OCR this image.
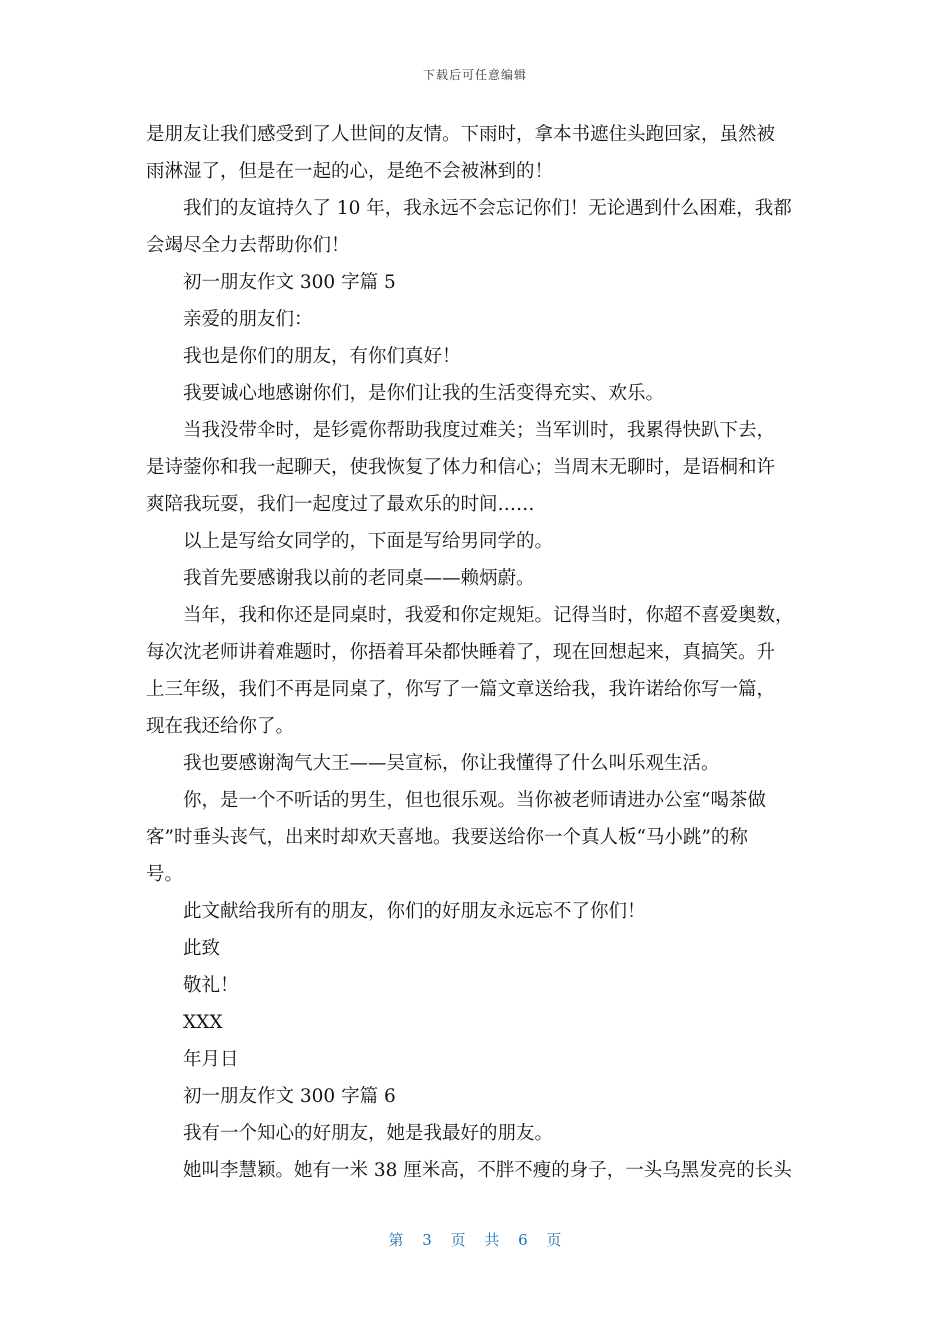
下载后可任意编辑
是朋友让我们感受到了人世间的友情。下雨时，拿本书遮住头跑回家，虽然被
雨淋湿了，但是在一起的心，是绝不会被淋到的！
我们的友谊持久了 10 年，我永远不会忘记你们！无论遇到什么困难，我都
会竭尽全力去帮助你们！
初一朋友作文 300 字篇 5
亲爱的朋友们：
我也是你们的朋友，有你们真好！
我要诚心地感谢你们，是你们让我的生活变得充实、欢乐。
当我没带伞时，是钐霓你帮助我度过难关；当军训时，我累得快趴下去，
是诗蓥你和我一起聊天，使我恢复了体力和信心；当周末无聊时，是语桐和许
爽陪我玩耍，我们一起度过了最欢乐的时间……
以上是写给女同学的，下面是写给男同学的。
我首先要感谢我以前的老同桌——赖炳蔚。
当年，我和你还是同桌时，我爱和你定规矩。记得当时，你超不喜爱奥数，
每次沈老师讲着难题时，你捂着耳朵都快睡着了，现在回想起来，真搞笑。升
上三年级，我们不再是同桌了，你写了一篇文章送给我，我许诺给你写一篇，
现在我还给你了。
我也要感谢淘气大王——吴宣标，你让我懂得了什么叫乐观生活。
你，是一个不听话的男生，但也很乐观。当你被老师请进办公室“喝茶做
客”时垂头丧气，出来时却欢天喜地。我要送给你一个真人板“马小跳”的称
号。
此文献给我所有的朋友，你们的好朋友永远忘不了你们！
此致
敬礼！
XXX
年月日
初一朋友作文 300 字篇 6
我有一个知心的好朋友，她是我最好的朋友。
她叫李慧颖。她有一米 38 厘米高，不胖不瘦的身子，一头乌黑发亮的长头
第 3 页 共 6 页
